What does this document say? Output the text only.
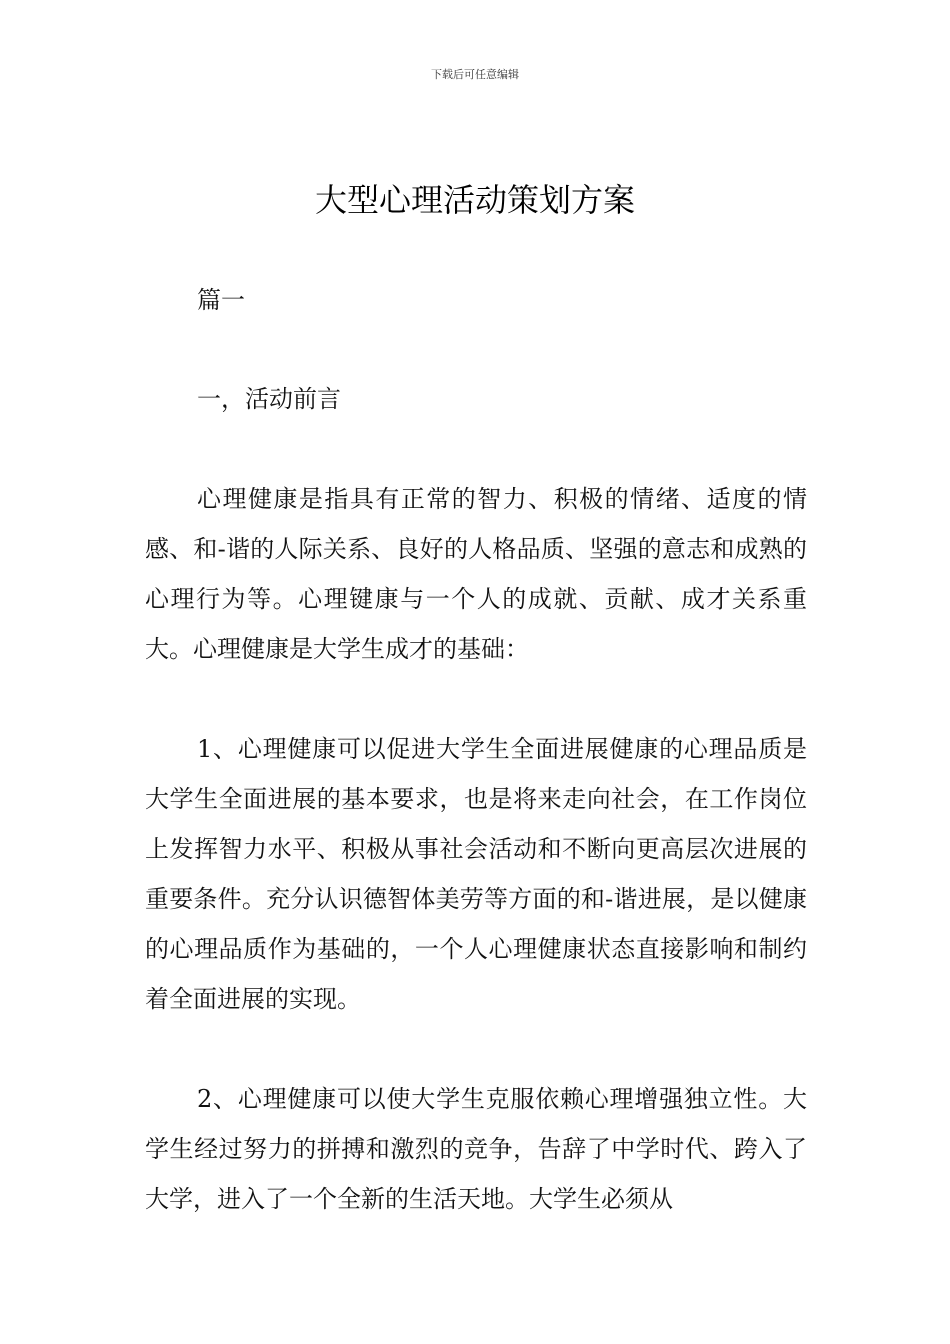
下载后可任意编辑
大型心理活动策划方案
篇一
一，活动前言

心理健康是指具有正常的智力、积极的情绪、适度的情感、和-谐的人际关系、良好的人格品质、坚强的意志和成熟的心理行为等。心理键康与一个人的成就、贡献、成才关系重大。心理健康是大学生成才的基础：

1、心理健康可以促进大学生全面进展健康的心理品质是大学生全面进展的基本要求，也是将来走向社会，在工作岗位上发挥智力水平、积极从事社会活动和不断向更高层次进展的重要条件。充分认识德智体美劳等方面的和-谐进展，是以健康的心理品质作为基础的，一个人心理健康状态直接影响和制约着全面进展的实现。

2、心理健康可以使大学生克服依赖心理增强独立性。大学生经过努力的拼搏和激烈的竞争，告辞了中学时代、跨入了大学，进入了一个全新的生活天地。大学生必须从
